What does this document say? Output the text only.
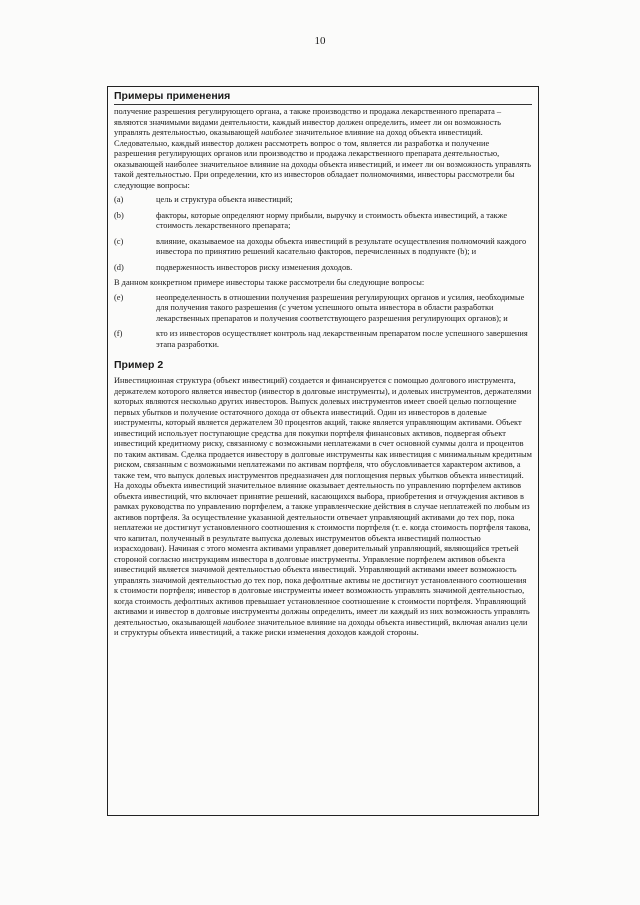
10
Примеры применения

получение разрешения регулирующего органа, а также производство и продажа лекарственного препарата – являются значимыми видами деятельности, каждый инвестор должен определить, имеет ли он возможность управлять деятельностью, оказывающей наиболее значительное влияние на доход объекта инвестиций. Следовательно, каждый инвестор должен рассмотреть вопрос о том, является ли разработка и получение разрешения регулирующих органов или производство и продажа лекарственного препарата деятельностью, оказывающей наиболее значительное влияние на доходы объекта инвестиций, и имеет ли он возможность управлять такой деятельностью. При определении, кто из инвесторов обладает полномочиями, инвесторы рассмотрели бы следующие вопросы:

(a)	цель и структура объекта инвестиций;
(b)	факторы, которые определяют норму прибыли, выручку и стоимость объекта инвестиций, а также стоимость лекарственного препарата;
(c)	влияние, оказываемое на доходы объекта инвестиций в результате осуществления полномочий каждого инвестора по принятию решений касательно факторов, перечисленных в подпункте (b); и
(d)	подверженность инвесторов риску изменения доходов.

В данном конкретном примере инвесторы также рассмотрели бы следующие вопросы:

(e)	неопределенность в отношении получения разрешения регулирующих органов и усилия, необходимые для получения такого разрешения (с учетом успешного опыта инвестора в области разработки лекарственных препаратов и получения соответствующего разрешения регулирующих органов); и
(f)	кто из инвесторов осуществляет контроль над лекарственным препаратом после успешного завершения этапа разработки.
Пример 2

Инвестиционная структура (объект инвестиций) создается и финансируется с помощью долгового инструмента, держателем которого является инвестор (инвестор в долговые инструменты), и долевых инструментов, держателями которых являются несколько других инвесторов. Выпуск долевых инструментов имеет своей целью поглощение первых убытков и получение остаточного дохода от объекта инвестиций. Один из инвесторов в долевые инструменты, который является держателем 30 процентов акций, также является управляющим активами. Объект инвестиций использует поступающие средства для покупки портфеля финансовых активов, подвергая объект инвестиций кредитному риску, связанному с возможными неплатежами в счет основной суммы долга и процентов по таким активам. Сделка продается инвестору в долговые инструменты как инвестиция с минимальным кредитным риском, связанным с возможными неплатежами по активам портфеля, что обусловливается характером активов, а также тем, что выпуск долевых инструментов предназначен для поглощения первых убытков объекта инвестиций. На доходы объекта инвестиций значительное влияние оказывает деятельность по управлению портфелем активов объекта инвестиций, что включает принятие решений, касающихся выбора, приобретения и отчуждения активов в рамках руководства по управлению портфелем, а также управленческие действия в случае неплатежей по любым из активов портфеля. За осуществление указанной деятельности отвечает управляющий активами до тех пор, пока неплатежи не достигнут установленного соотношения к стоимости портфеля (т. е. когда стоимость портфеля такова, что капитал, полученный в результате выпуска долевых инструментов объекта инвестиций полностью израсходован). Начиная с этого момента активами управляет доверительный управляющий, являющийся третьей стороной согласно инструкциям инвестора в долговые инструменты. Управление портфелем активов объекта инвестиций является значимой деятельностью объекта инвестиций. Управляющий активами имеет возможность управлять значимой деятельностью до тех пор, пока дефолтные активы не достигнут установленного соотношения к стоимости портфеля; инвестор в долговые инструменты имеет возможность управлять значимой деятельностью, когда стоимость дефолтных активов превышает установленное соотношение к стоимости портфеля. Управляющий активами и инвестор в долговые инструменты должны определить, имеет ли каждый из них возможность управлять деятельностью, оказывающей наиболее значительное влияние на доходы объекта инвестиций, включая анализ цели и структуры объекта инвестиций, а также риски изменения доходов каждой стороны.
